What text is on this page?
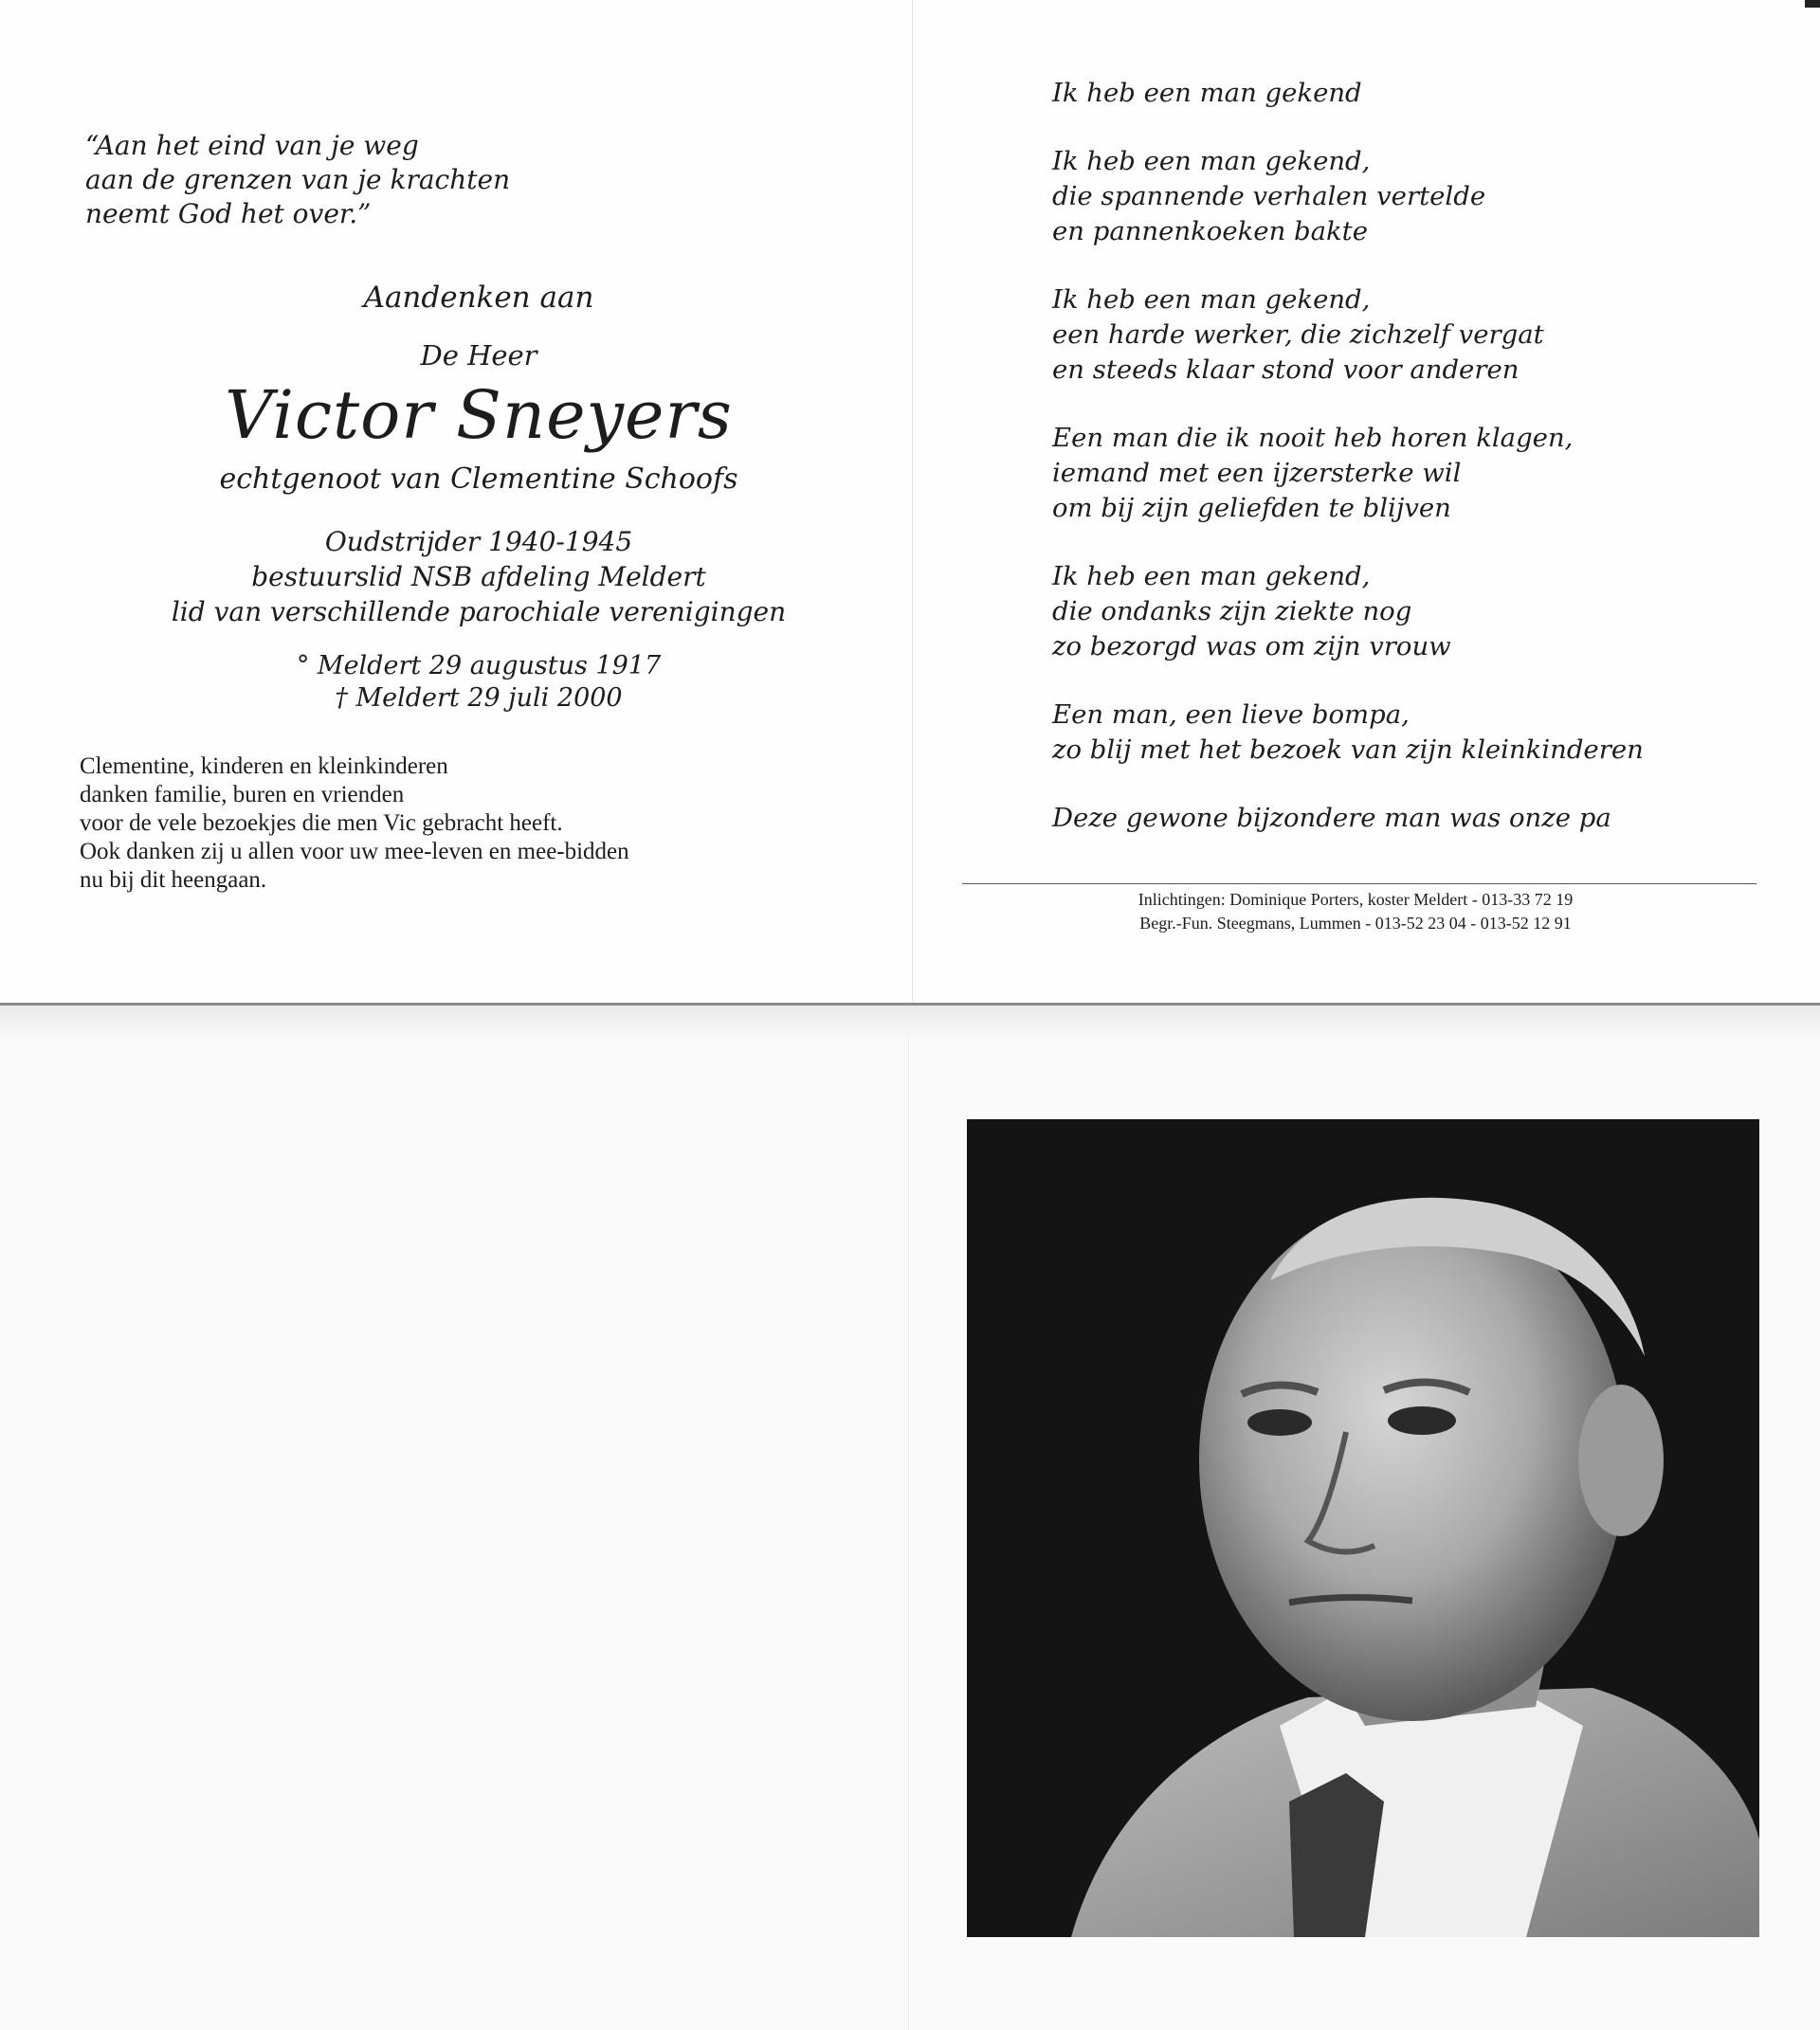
“Aan het eind van je weg
aan de grenzen van je krachten
neemt God het over.”
Aandenken aan
De Heer
Victor Sneyers
echtgenoot van Clementine Schoofs
Oudstrijder 1940-1945
bestuurslid NSB afdeling Meldert
lid van verschillende parochiale verenigingen
° Meldert 29 augustus 1917
† Meldert 29 juli 2000
Clementine, kinderen en kleinkinderen
danken familie, buren en vrienden
voor de vele bezoekjes die men Vic gebracht heeft.
Ook danken zij u allen voor uw mee-leven en mee-bidden
nu bij dit heengaan.
Ik heb een man gekend
Ik heb een man gekend,
die spannende verhalen vertelde
en pannenkoeken bakte
Ik heb een man gekend,
een harde werker, die zichzelf vergat
en steeds klaar stond voor anderen
Een man die ik nooit heb horen klagen,
iemand met een ijzersterke wil
om bij zijn geliefden te blijven
Ik heb een man gekend,
die ondanks zijn ziekte nog
zo bezorgd was om zijn vrouw
Een man, een lieve bompa,
zo blij met het bezoek van zijn kleinkinderen
Deze gewone bijzondere man was onze pa
Inlichtingen: Dominique Porters, koster Meldert - 013-33 72 19
Begr.-Fun. Steegmans, Lummen - 013-52 23 04 - 013-52 12 91
